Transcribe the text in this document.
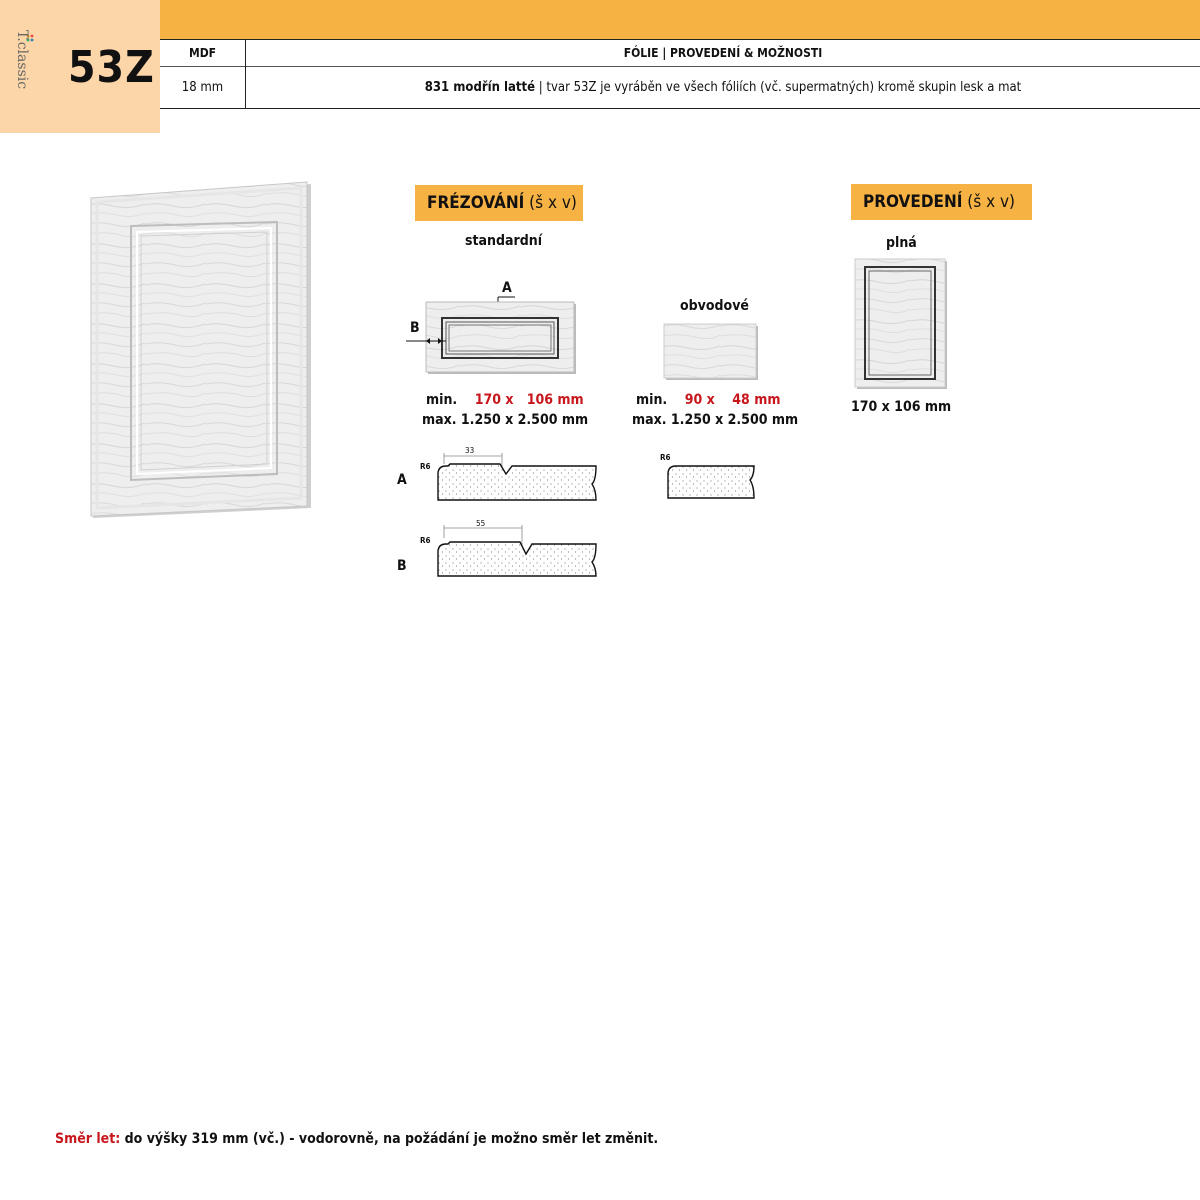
T.classic 53Z	MDF	FÓLIE | PROVEDENÍ & MOŽNOSTI
18 mm	831 modřín latté | tvar 53Z je vyráběn ve všech fóliích (vč. supermatných) kromě skupin lesk a mat
FRÉZOVÁNÍ (š x v)
standardní
A
B
min. 170 x 106 mm
max. 1.250 x 2.500 mm
obvodové
min. 90 x 48 mm
max. 1.250 x 2.500 mm
A
R6
33
B
R6
55
R6
PROVEDENÍ (š x v)
plná
170 x 106 mm
Směr let: do výšky 319 mm (vč.) - vodorovně, na požádání je možno směr let změnit.
